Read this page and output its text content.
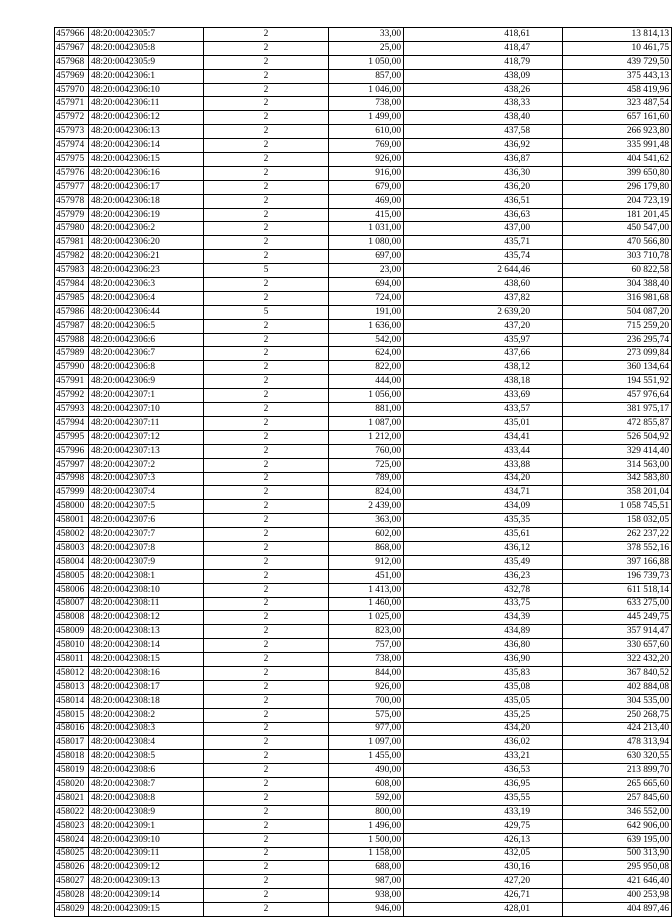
457966	48:20:0042305:7	2	33,00	418,61	13 814,13
457967	48:20:0042305:8	2	25,00	418,47	10 461,75
457968	48:20:0042305:9	2	1 050,00	418,79	439 729,50
457969	48:20:0042306:1	2	857,00	438,09	375 443,13
457970	48:20:0042306:10	2	1 046,00	438,26	458 419,96
457971	48:20:0042306:11	2	738,00	438,33	323 487,54
457972	48:20:0042306:12	2	1 499,00	438,40	657 161,60
457973	48:20:0042306:13	2	610,00	437,58	266 923,80
457974	48:20:0042306:14	2	769,00	436,92	335 991,48
457975	48:20:0042306:15	2	926,00	436,87	404 541,62
457976	48:20:0042306:16	2	916,00	436,30	399 650,80
457977	48:20:0042306:17	2	679,00	436,20	296 179,80
457978	48:20:0042306:18	2	469,00	436,51	204 723,19
457979	48:20:0042306:19	2	415,00	436,63	181 201,45
457980	48:20:0042306:2	2	1 031,00	437,00	450 547,00
457981	48:20:0042306:20	2	1 080,00	435,71	470 566,80
457982	48:20:0042306:21	2	697,00	435,74	303 710,78
457983	48:20:0042306:23	5	23,00	2 644,46	60 822,58
457984	48:20:0042306:3	2	694,00	438,60	304 388,40
457985	48:20:0042306:4	2	724,00	437,82	316 981,68
457986	48:20:0042306:44	5	191,00	2 639,20	504 087,20
457987	48:20:0042306:5	2	1 636,00	437,20	715 259,20
457988	48:20:0042306:6	2	542,00	435,97	236 295,74
457989	48:20:0042306:7	2	624,00	437,66	273 099,84
457990	48:20:0042306:8	2	822,00	438,12	360 134,64
457991	48:20:0042306:9	2	444,00	438,18	194 551,92
457992	48:20:0042307:1	2	1 056,00	433,69	457 976,64
457993	48:20:0042307:10	2	881,00	433,57	381 975,17
457994	48:20:0042307:11	2	1 087,00	435,01	472 855,87
457995	48:20:0042307:12	2	1 212,00	434,41	526 504,92
457996	48:20:0042307:13	2	760,00	433,44	329 414,40
457997	48:20:0042307:2	2	725,00	433,88	314 563,00
457998	48:20:0042307:3	2	789,00	434,20	342 583,80
457999	48:20:0042307:4	2	824,00	434,71	358 201,04
458000	48:20:0042307:5	2	2 439,00	434,09	1 058 745,51
458001	48:20:0042307:6	2	363,00	435,35	158 032,05
458002	48:20:0042307:7	2	602,00	435,61	262 237,22
458003	48:20:0042307:8	2	868,00	436,12	378 552,16
458004	48:20:0042307:9	2	912,00	435,49	397 166,88
458005	48:20:0042308:1	2	451,00	436,23	196 739,73
458006	48:20:0042308:10	2	1 413,00	432,78	611 518,14
458007	48:20:0042308:11	2	1 460,00	433,75	633 275,00
458008	48:20:0042308:12	2	1 025,00	434,39	445 249,75
458009	48:20:0042308:13	2	823,00	434,89	357 914,47
458010	48:20:0042308:14	2	757,00	436,80	330 657,60
458011	48:20:0042308:15	2	738,00	436,90	322 432,20
458012	48:20:0042308:16	2	844,00	435,83	367 840,52
458013	48:20:0042308:17	2	926,00	435,08	402 884,08
458014	48:20:0042308:18	2	700,00	435,05	304 535,00
458015	48:20:0042308:2	2	575,00	435,25	250 268,75
458016	48:20:0042308:3	2	977,00	434,20	424 213,40
458017	48:20:0042308:4	2	1 097,00	436,02	478 313,94
458018	48:20:0042308:5	2	1 455,00	433,21	630 320,55
458019	48:20:0042308:6	2	490,00	436,53	213 899,70
458020	48:20:0042308:7	2	608,00	436,95	265 665,60
458021	48:20:0042308:8	2	592,00	435,55	257 845,60
458022	48:20:0042308:9	2	800,00	433,19	346 552,00
458023	48:20:0042309:1	2	1 496,00	429,75	642 906,00
458024	48:20:0042309:10	2	1 500,00	426,13	639 195,00
458025	48:20:0042309:11	2	1 158,00	432,05	500 313,90
458026	48:20:0042309:12	2	688,00	430,16	295 950,08
458027	48:20:0042309:13	2	987,00	427,20	421 646,40
458028	48:20:0042309:14	2	938,00	426,71	400 253,98
458029	48:20:0042309:15	2	946,00	428,01	404 897,46
